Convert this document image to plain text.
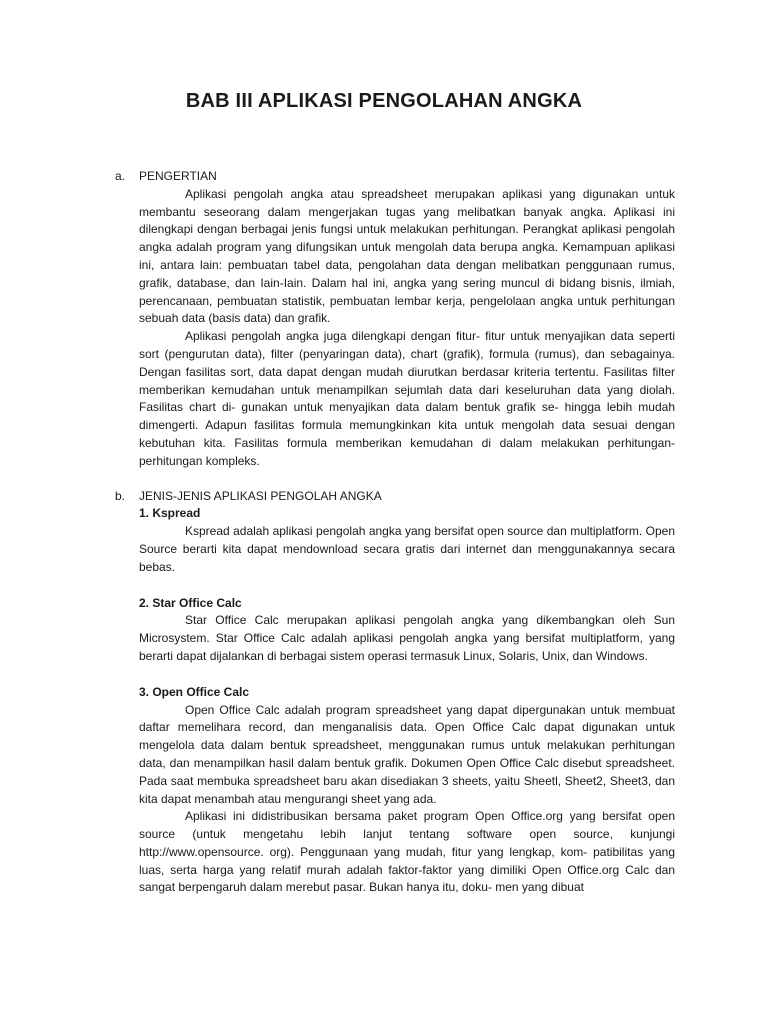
BAB III APLIKASI PENGOLAHAN ANGKA
a. PENGERTIAN

Aplikasi pengolah angka atau spreadsheet merupakan aplikasi yang digunakan untuk membantu seseorang dalam mengerjakan tugas yang melibatkan banyak angka. Aplikasi ini dilengkapi dengan berbagai jenis fungsi untuk melakukan perhitungan. Perangkat aplikasi pengolah angka adalah program yang difungsikan untuk mengolah data berupa angka. Kemampuan aplikasi ini, antara lain: pembuatan tabel data, pengolahan data dengan melibatkan penggunaan rumus, grafik, database, dan Iain-Iain. Dalam hal ini, angka yang sering muncul di bidang bisnis, ilmiah, perencanaan, pembuatan statistik, pembuatan lembar kerja, pengelolaan angka untuk perhitungan sebuah data (basis data) dan grafik.

Aplikasi pengolah angka juga dilengkapi dengan fitur- fitur untuk menyajikan data seperti sort (pengurutan data), filter (penyaringan data), chart (grafik), formula (rumus), dan sebagainya. Dengan fasilitas sort, data dapat dengan mudah diurutkan berdasar kriteria tertentu. Fasilitas filter memberikan kemudahan untuk menampilkan sejumlah data dari keseluruhan data yang diolah. Fasilitas chart di- gunakan untuk menyajikan data dalam bentuk grafik se- hingga lebih mudah dimengerti. Adapun fasilitas formula memungkinkan kita untuk mengolah data sesuai dengan kebutuhan kita. Fasilitas formula memberikan kemudahan di dalam melakukan perhitungan-perhitungan kompleks.

b. JENIS-JENIS APLIKASI PENGOLAH ANGKA
1. Kspread

Kspread adalah aplikasi pengolah angka yang bersifat open source dan multiplatform. Open Source berarti kita dapat mendownload secara gratis dari internet dan menggunakannya secara bebas.

2. Star Office Calc

Star Office Calc merupakan aplikasi pengolah angka yang dikembangkan oleh Sun Microsystem. Star Office Calc adalah aplikasi pengolah angka yang bersifat multiplatform, yang berarti dapat dijalankan di berbagai sistem operasi termasuk Linux, Solaris, Unix, dan Windows.

3. Open Office Calc

Open Office Calc adalah program spreadsheet yang dapat dipergunakan untuk membuat daftar memelihara record, dan menganalisis data. Open Office Calc dapat digunakan untuk mengelola data dalam bentuk spreadsheet, menggunakan rumus untuk melakukan perhitungan data, dan menampilkan hasil dalam bentuk grafik. Dokumen Open Office Calc disebut spreadsheet. Pada saat membuka spreadsheet baru akan disediakan 3 sheets, yaitu Sheetl, Sheet2, Sheet3, dan kita dapat menambah atau mengurangi sheet yang ada.

Aplikasi ini didistribusikan bersama paket program Open Office.org yang bersifat open source (untuk mengetahu lebih lanjut tentang software open source, kunjungi http://www.opensource. org). Penggunaan yang mudah, fitur yang lengkap, kom- patibilitas yang luas, serta harga yang relatif murah adalah faktor-faktor yang dimiliki Open Office.org Calc dan sangat berpengaruh dalam merebut pasar. Bukan hanya itu, doku- men yang dibuat
